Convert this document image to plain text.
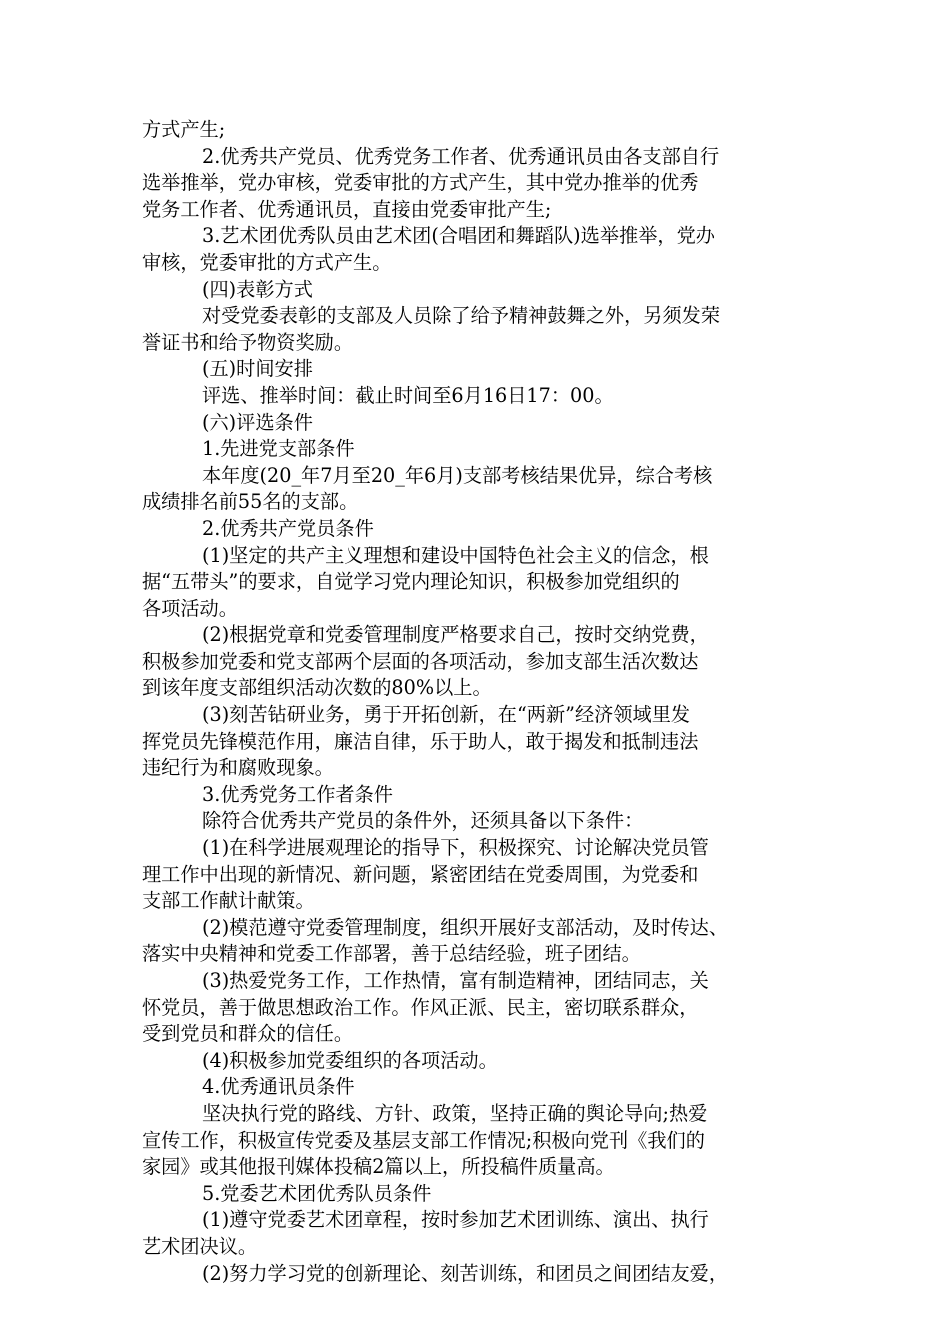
方式产生;
2.优秀共产党员、优秀党务工作者、优秀通讯员由各支部自行
选举推举，党办审核，党委审批的方式产生，其中党办推举的优秀
党务工作者、优秀通讯员，直接由党委审批产生;
3.艺术团优秀队员由艺术团(合唱团和舞蹈队)选举推举，党办
审核，党委审批的方式产生。
(四)表彰方式
对受党委表彰的支部及人员除了给予精神鼓舞之外，另须发荣
誉证书和给予物资奖励。
(五)时间安排
评选、推举时间：截止时间至6月16日17：00。
(六)评选条件
1.先进党支部条件
本年度(20_年7月至20_年6月)支部考核结果优异，综合考核
成绩排名前55名的支部。
2.优秀共产党员条件
(1)坚定的共产主义理想和建设中国特色社会主义的信念，根
据“五带头”的要求，自觉学习党内理论知识，积极参加党组织的
各项活动。
(2)根据党章和党委管理制度严格要求自己，按时交纳党费，
积极参加党委和党支部两个层面的各项活动，参加支部生活次数达
到该年度支部组织活动次数的80%以上。
(3)刻苦钻研业务，勇于开拓创新，在“两新”经济领域里发
挥党员先锋模范作用，廉洁自律，乐于助人，敢于揭发和抵制违法
违纪行为和腐败现象。
3.优秀党务工作者条件
除符合优秀共产党员的条件外，还须具备以下条件：
(1)在科学进展观理论的指导下，积极探究、讨论解决党员管
理工作中出现的新情况、新问题，紧密团结在党委周围，为党委和
支部工作献计献策。
(2)模范遵守党委管理制度，组织开展好支部活动，及时传达、
落实中央精神和党委工作部署，善于总结经验，班子团结。
(3)热爱党务工作，工作热情，富有制造精神，团结同志，关
怀党员，善于做思想政治工作。作风正派、民主，密切联系群众，
受到党员和群众的信任。
(4)积极参加党委组织的各项活动。
4.优秀通讯员条件
坚决执行党的路线、方针、政策，坚持正确的舆论导向;热爱
宣传工作，积极宣传党委及基层支部工作情况;积极向党刊《我们的
家园》或其他报刊媒体投稿2篇以上，所投稿件质量高。
5.党委艺术团优秀队员条件
(1)遵守党委艺术团章程，按时参加艺术团训练、演出、执行
艺术团决议。
(2)努力学习党的创新理论、刻苦训练，和团员之间团结友爱，
